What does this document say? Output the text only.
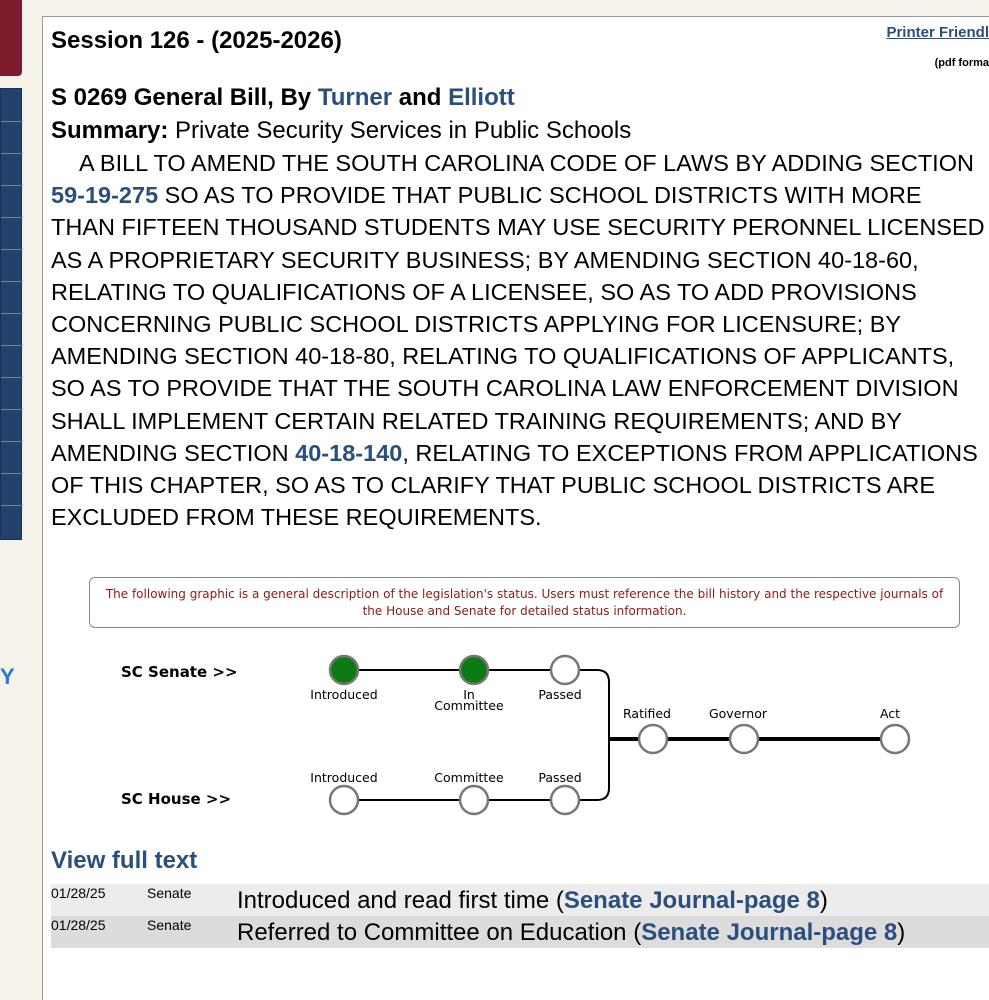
Y
Session 126 - (2025-2026)	Printer Friendl
(pdf forma
S 0269 General Bill, By Turner and Elliott
Summary: Private Security Services in Public Schools
A BILL TO AMEND THE SOUTH CAROLINA CODE OF LAWS BY ADDING SECTION 59-19-275 SO AS TO PROVIDE THAT PUBLIC SCHOOL DISTRICTS WITH MORE THAN FIFTEEN THOUSAND STUDENTS MAY USE SECURITY PERONNEL LICENSED AS A PROPRIETARY SECURITY BUSINESS; BY AMENDING SECTION 40-18-60, RELATING TO QUALIFICATIONS OF A LICENSEE, SO AS TO ADD PROVISIONS CONCERNING PUBLIC SCHOOL DISTRICTS APPLYING FOR LICENSURE; BY AMENDING SECTION 40-18-80, RELATING TO QUALIFICATIONS OF APPLICANTS, SO AS TO PROVIDE THAT THE SOUTH CAROLINA LAW ENFORCEMENT DIVISION SHALL IMPLEMENT CERTAIN RELATED TRAINING REQUIREMENTS; AND BY AMENDING SECTION 40-18-140, RELATING TO EXCEPTIONS FROM APPLICATIONS OF THIS CHAPTER, SO AS TO CLARIFY THAT PUBLIC SCHOOL DISTRICTS ARE EXCLUDED FROM THESE REQUIREMENTS.
The following graphic is a general description of the legislation's status. Users must reference the bill history and the respective journals of the House and Senate for detailed status information.
SC Senate >>
SC House >>
Introduced	In
Committee
Passed
Ratified	Governor	Act
Introduced	Committee	Passed
View full text
01/28/25	Senate Introduced and read first time (Senate Journal-page 8)
01/28/25	Senate Referred to Committee on Education (Senate Journal-page 8)
